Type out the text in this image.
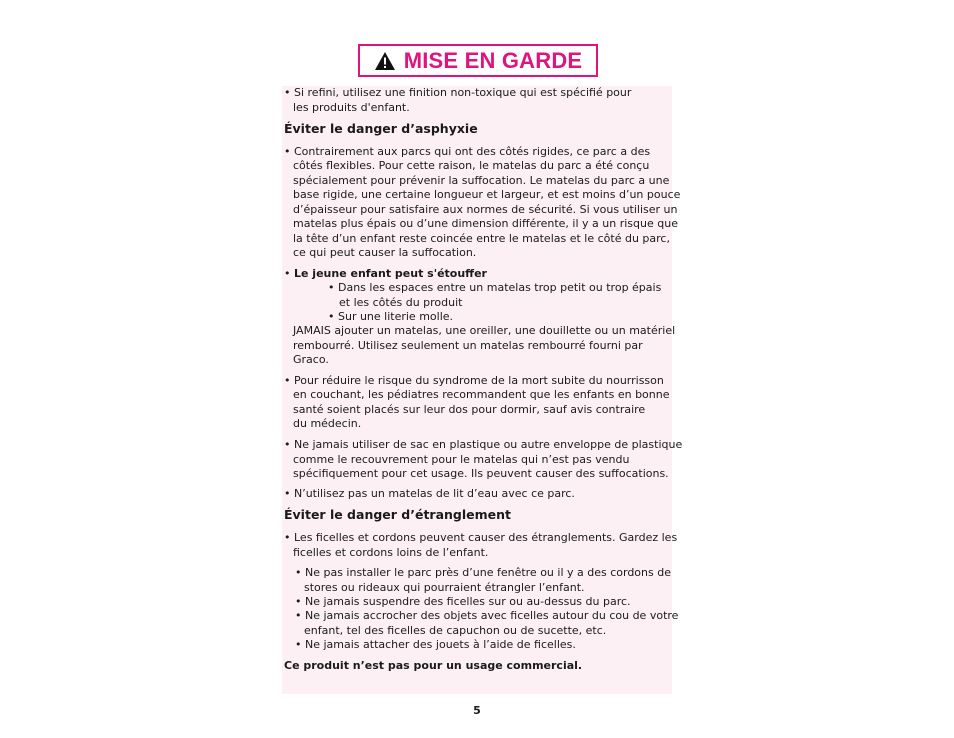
MISE EN GARDE
• Si refini, utilisez une finition non-toxique qui est spécifié pour
les produits d'enfant.
Éviter le danger d’asphyxie
• Contrairement aux parcs qui ont des côtés rigides, ce parc a des
côtés flexibles. Pour cette raison, le matelas du parc a été conçu
spécialement pour prévenir la suffocation. Le matelas du parc a une
base rigide, une certaine longueur et largeur, et est moins d’un pouce
d’épaisseur pour satisfaire aux normes de sécurité. Si vous utiliser un
matelas plus épais ou d’une dimension différente, il y a un risque que
la tête d’un enfant reste coincée entre le matelas et le côté du parc,
ce qui peut causer la suffocation.
• Le jeune enfant peut s'étouffer
• Dans les espaces entre un matelas trop petit ou trop épais
et les côtés du produit
• Sur une literie molle.
JAMAIS ajouter un matelas, une oreiller, une douillette ou un matériel
rembourré. Utilisez seulement un matelas rembourré fourni par
Graco.
• Pour réduire le risque du syndrome de la mort subite du nourrisson
en couchant, les pédiatres recommandent que les enfants en bonne
santé soient placés sur leur dos pour dormir, sauf avis contraire
du médecin.
• Ne jamais utiliser de sac en plastique ou autre enveloppe de plastique
comme le recouvrement pour le matelas qui n’est pas vendu
spécifiquement pour cet usage. Ils peuvent causer des suffocations.
• N’utilisez pas un matelas de lit d’eau avec ce parc.
Éviter le danger d’étranglement
• Les ficelles et cordons peuvent causer des étranglements. Gardez les
ficelles et cordons loins de l’enfant.
• Ne pas installer le parc près d’une fenêtre ou il y a des cordons de
stores ou rideaux qui pourraient étrangler l’enfant.
• Ne jamais suspendre des ficelles sur ou au-dessus du parc.
• Ne jamais accrocher des objets avec ficelles autour du cou de votre
enfant, tel des ficelles de capuchon ou de sucette, etc.
• Ne jamais attacher des jouets à l’aide de ficelles.
Ce produit n’est pas pour un usage commercial.
5
